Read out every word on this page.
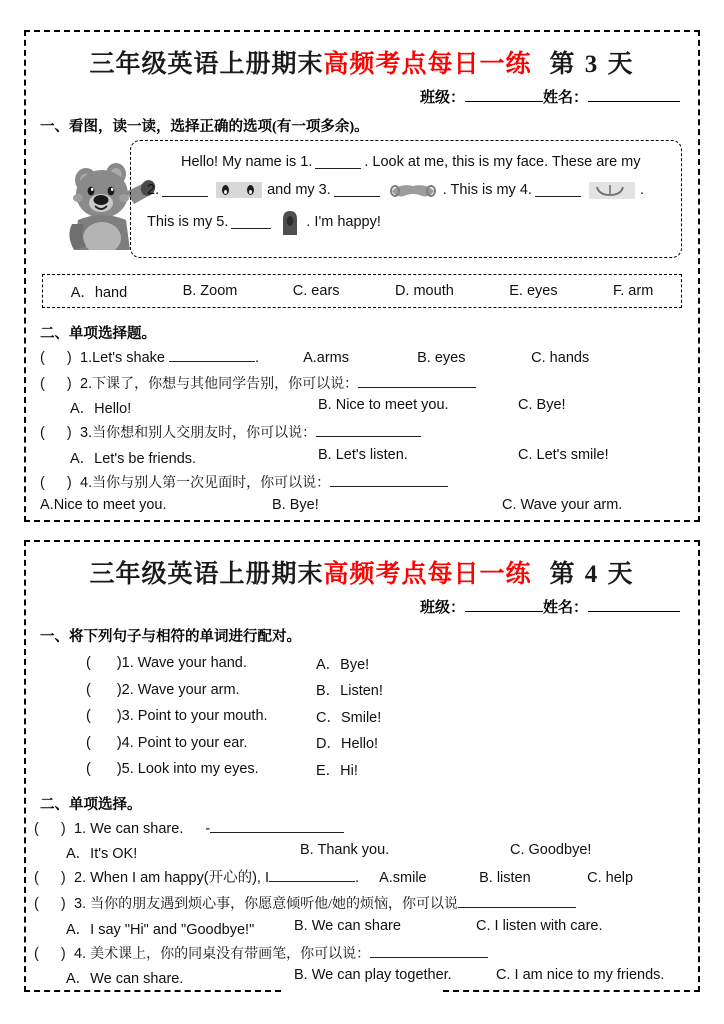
三年级英语上册期末高频考点每日一练 第 3 天
班级：	姓名：
一、看图，读一读，选择正确的选项(有一项多余)。
Hello! My name is 1.	. Look at me, this is my face. These are my
2.	and my 3.	. This is my 4.	.
This is my 5.	. I'm happy!
A．hand	B. Zoom	C. ears	D. mouth	E. eyes	F. arm
二、单项选择题。
( ) 1.Let's shake	.	A.arms	B. eyes	C. hands
( ) 2.下课了，你想与其他同学告别，你可以说：
A．Hello!	B. Nice to meet you.	C. Bye!
( ) 3.当你想和别人交朋友时，你可以说：
A．Let's be friends.	B. Let's listen.	C. Let's smile!
( ) 4.当你与别人第一次见面时，你可以说：
A.Nice to meet you.	B. Bye!	C. Wave your arm.
三年级英语上册期末高频考点每日一练 第 4 天
班级：	姓名：
一、将下列句子与相符的单词进行配对。
( )1. Wave your hand.	A．Bye!
( )2. Wave your arm.	B．Listen!
( )3. Point to your mouth.	C．Smile!
( )4. Point to your ear.	D．Hello!
( )5. Look into my eyes.	E．Hi!
二、单项选择。
( ) 1. We can share. -
A．It's OK!	B. Thank you.	C. Goodbye!
( ) 2. When I am happy(开心的), I	. A.smile	B. listen	C. help
( ) 3. 当你的朋友遇到烦心事，你愿意倾听他/她的烦恼，你可以说
A．I say "Hi" and "Goodbye!"	B. We can share	C. I listen with care.
( ) 4. 美术课上，你的同桌没有带画笔，你可以说：
A．We can share.	B. We can play together.	C. I am nice to my friends.
